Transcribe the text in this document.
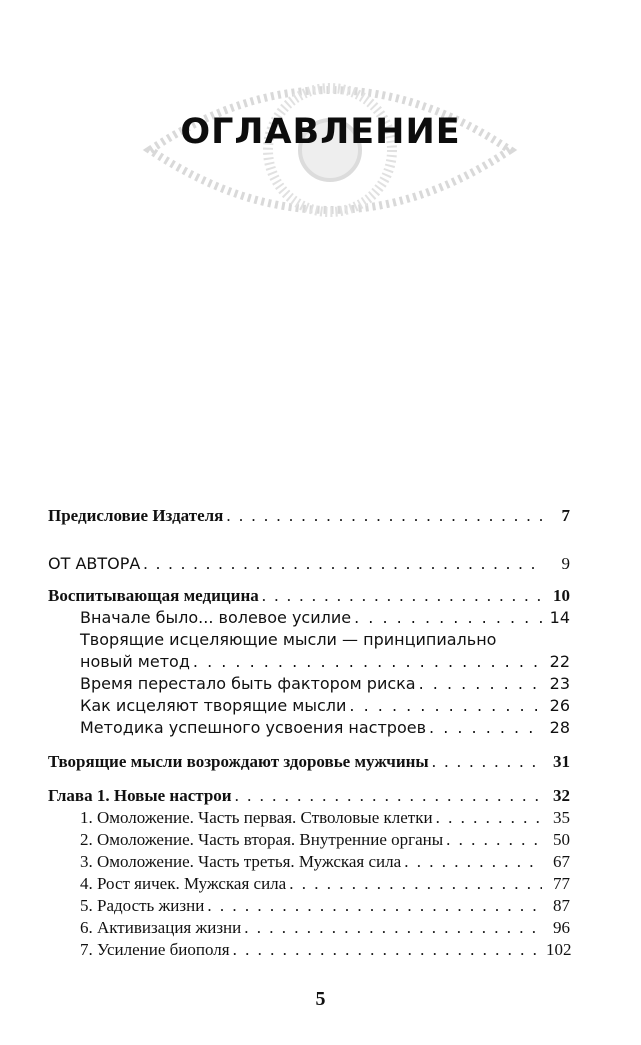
ОГЛАВЛЕНИЕ
Предисловие Издателя . . .	7
ОТ АВТОРА . . .	9
Воспитывающая медицина . . .	10
Вначале было... волевое усилие . . .	14
Творящие исцеляющие мысли — принципиально
новый метод . . .	22
Время перестало быть фактором риска . . .	23
Как исцеляют творящие мысли . . .	26
Методика успешного усвоения настроев . . .	28
Творящие мысли возрождают здоровье мужчины . . .	31
Глава 1. Новые настрои . . .	32
1. Омоложение. Часть первая. Стволовые клетки . . .	35
2. Омоложение. Часть вторая. Внутренние органы . . .	50
3. Омоложение. Часть третья. Мужская сила . . .	67
4. Рост яичек. Мужская сила . . .	77
5. Радость жизни . . .	87
6. Активизация жизни . . .	96
7. Усиление биополя . . .	102
5
